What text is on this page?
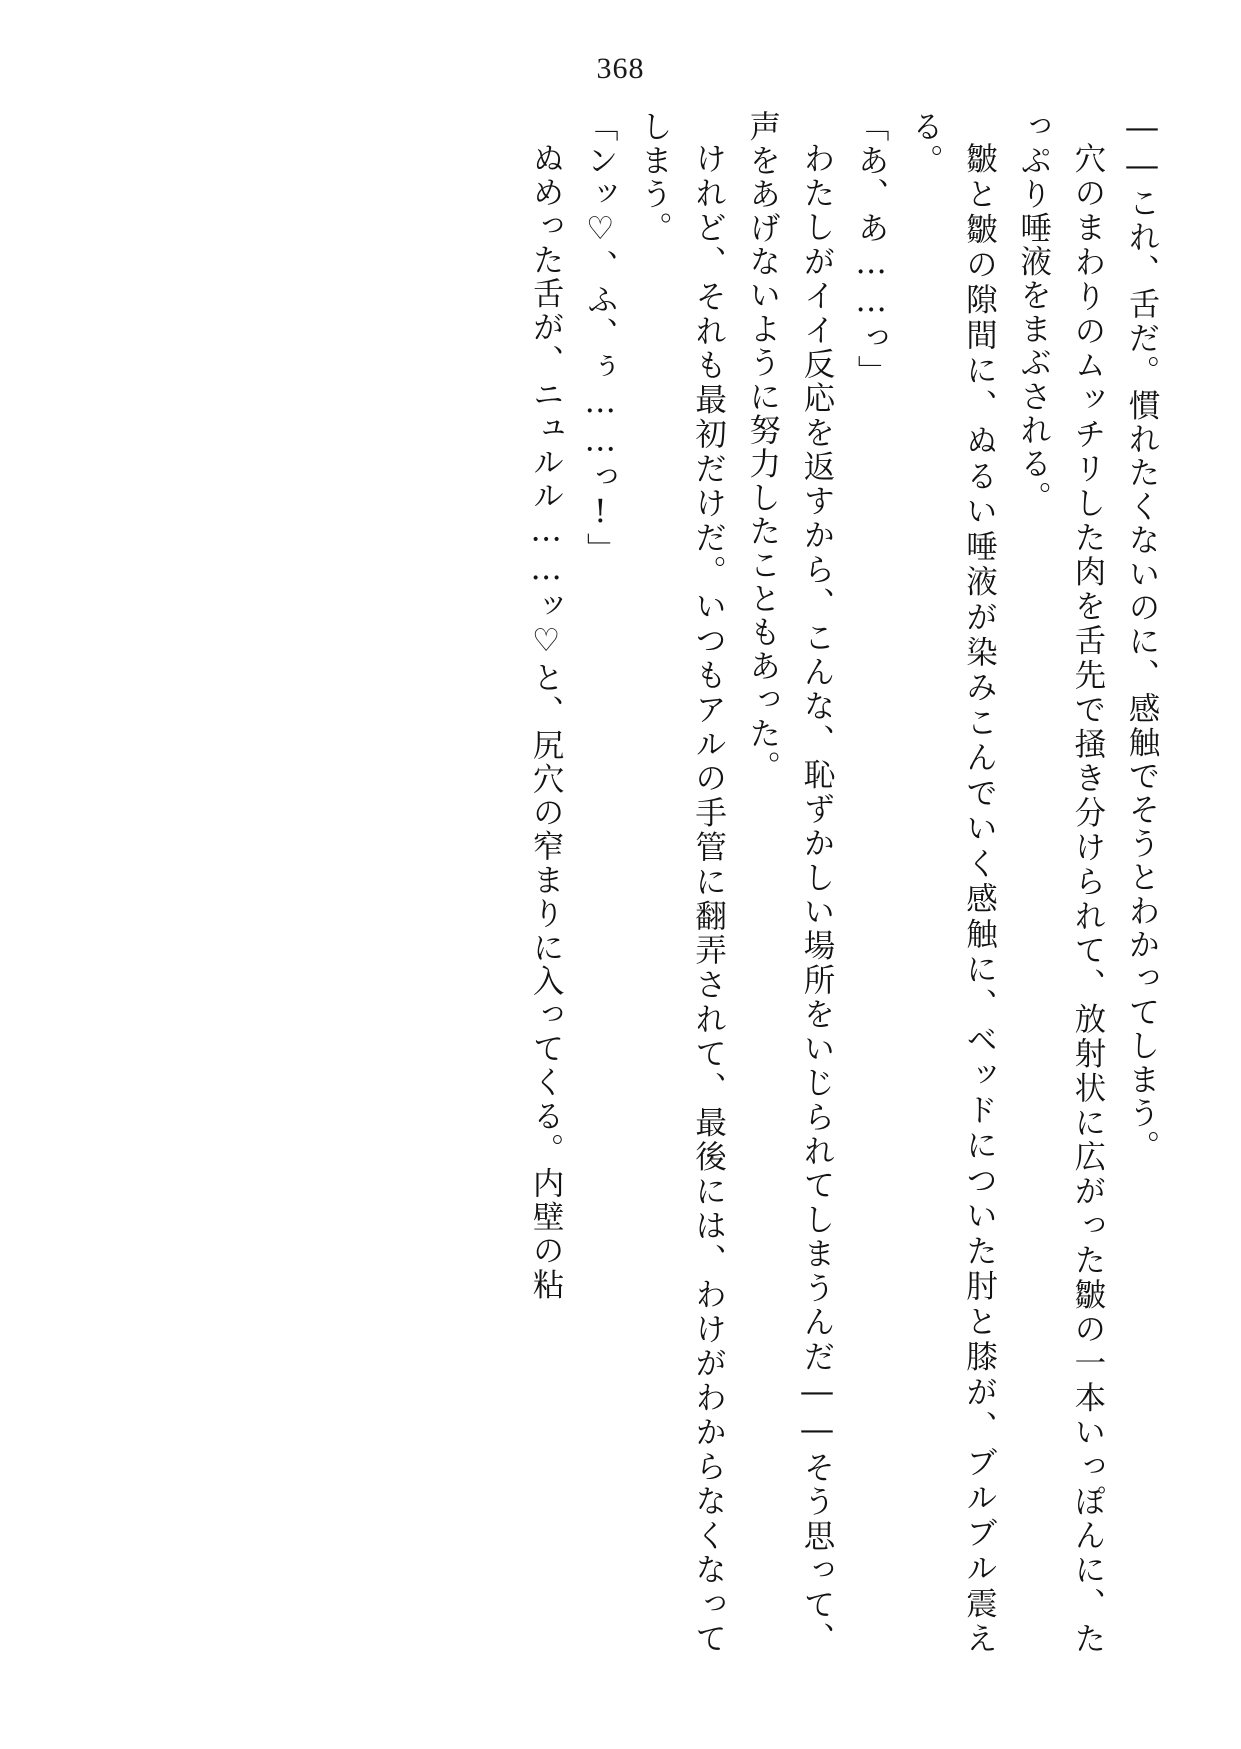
368
――これ、舌だ。慣れたくないのに、感触でそうとわかってしまう。
穴のまわりのムッチリした肉を舌先で掻き分けられて、放射状に広がった皺の一本いっぽんに、たっぷり唾液をまぶされる。
皺と皺の隙間に、ぬるい唾液が染みこんでいく感触に、ベッドについた肘と膝が、ブルブル震える。
「あ、あ……っ」
わたしがイイ反応を返すから、こんな、恥ずかしい場所をいじられてしまうんだ――そう思って、声をあげないように努力したこともあった。
けれど、それも最初だけだ。いつもアルの手管に翻弄されて、最後には、わけがわからなくなってしまう。
「ンッ♡、ふ、ぅ……っ!」
ぬめった舌が、ニュルル……ッ♡と、尻穴の窄まりに入ってくる。内壁の粘
